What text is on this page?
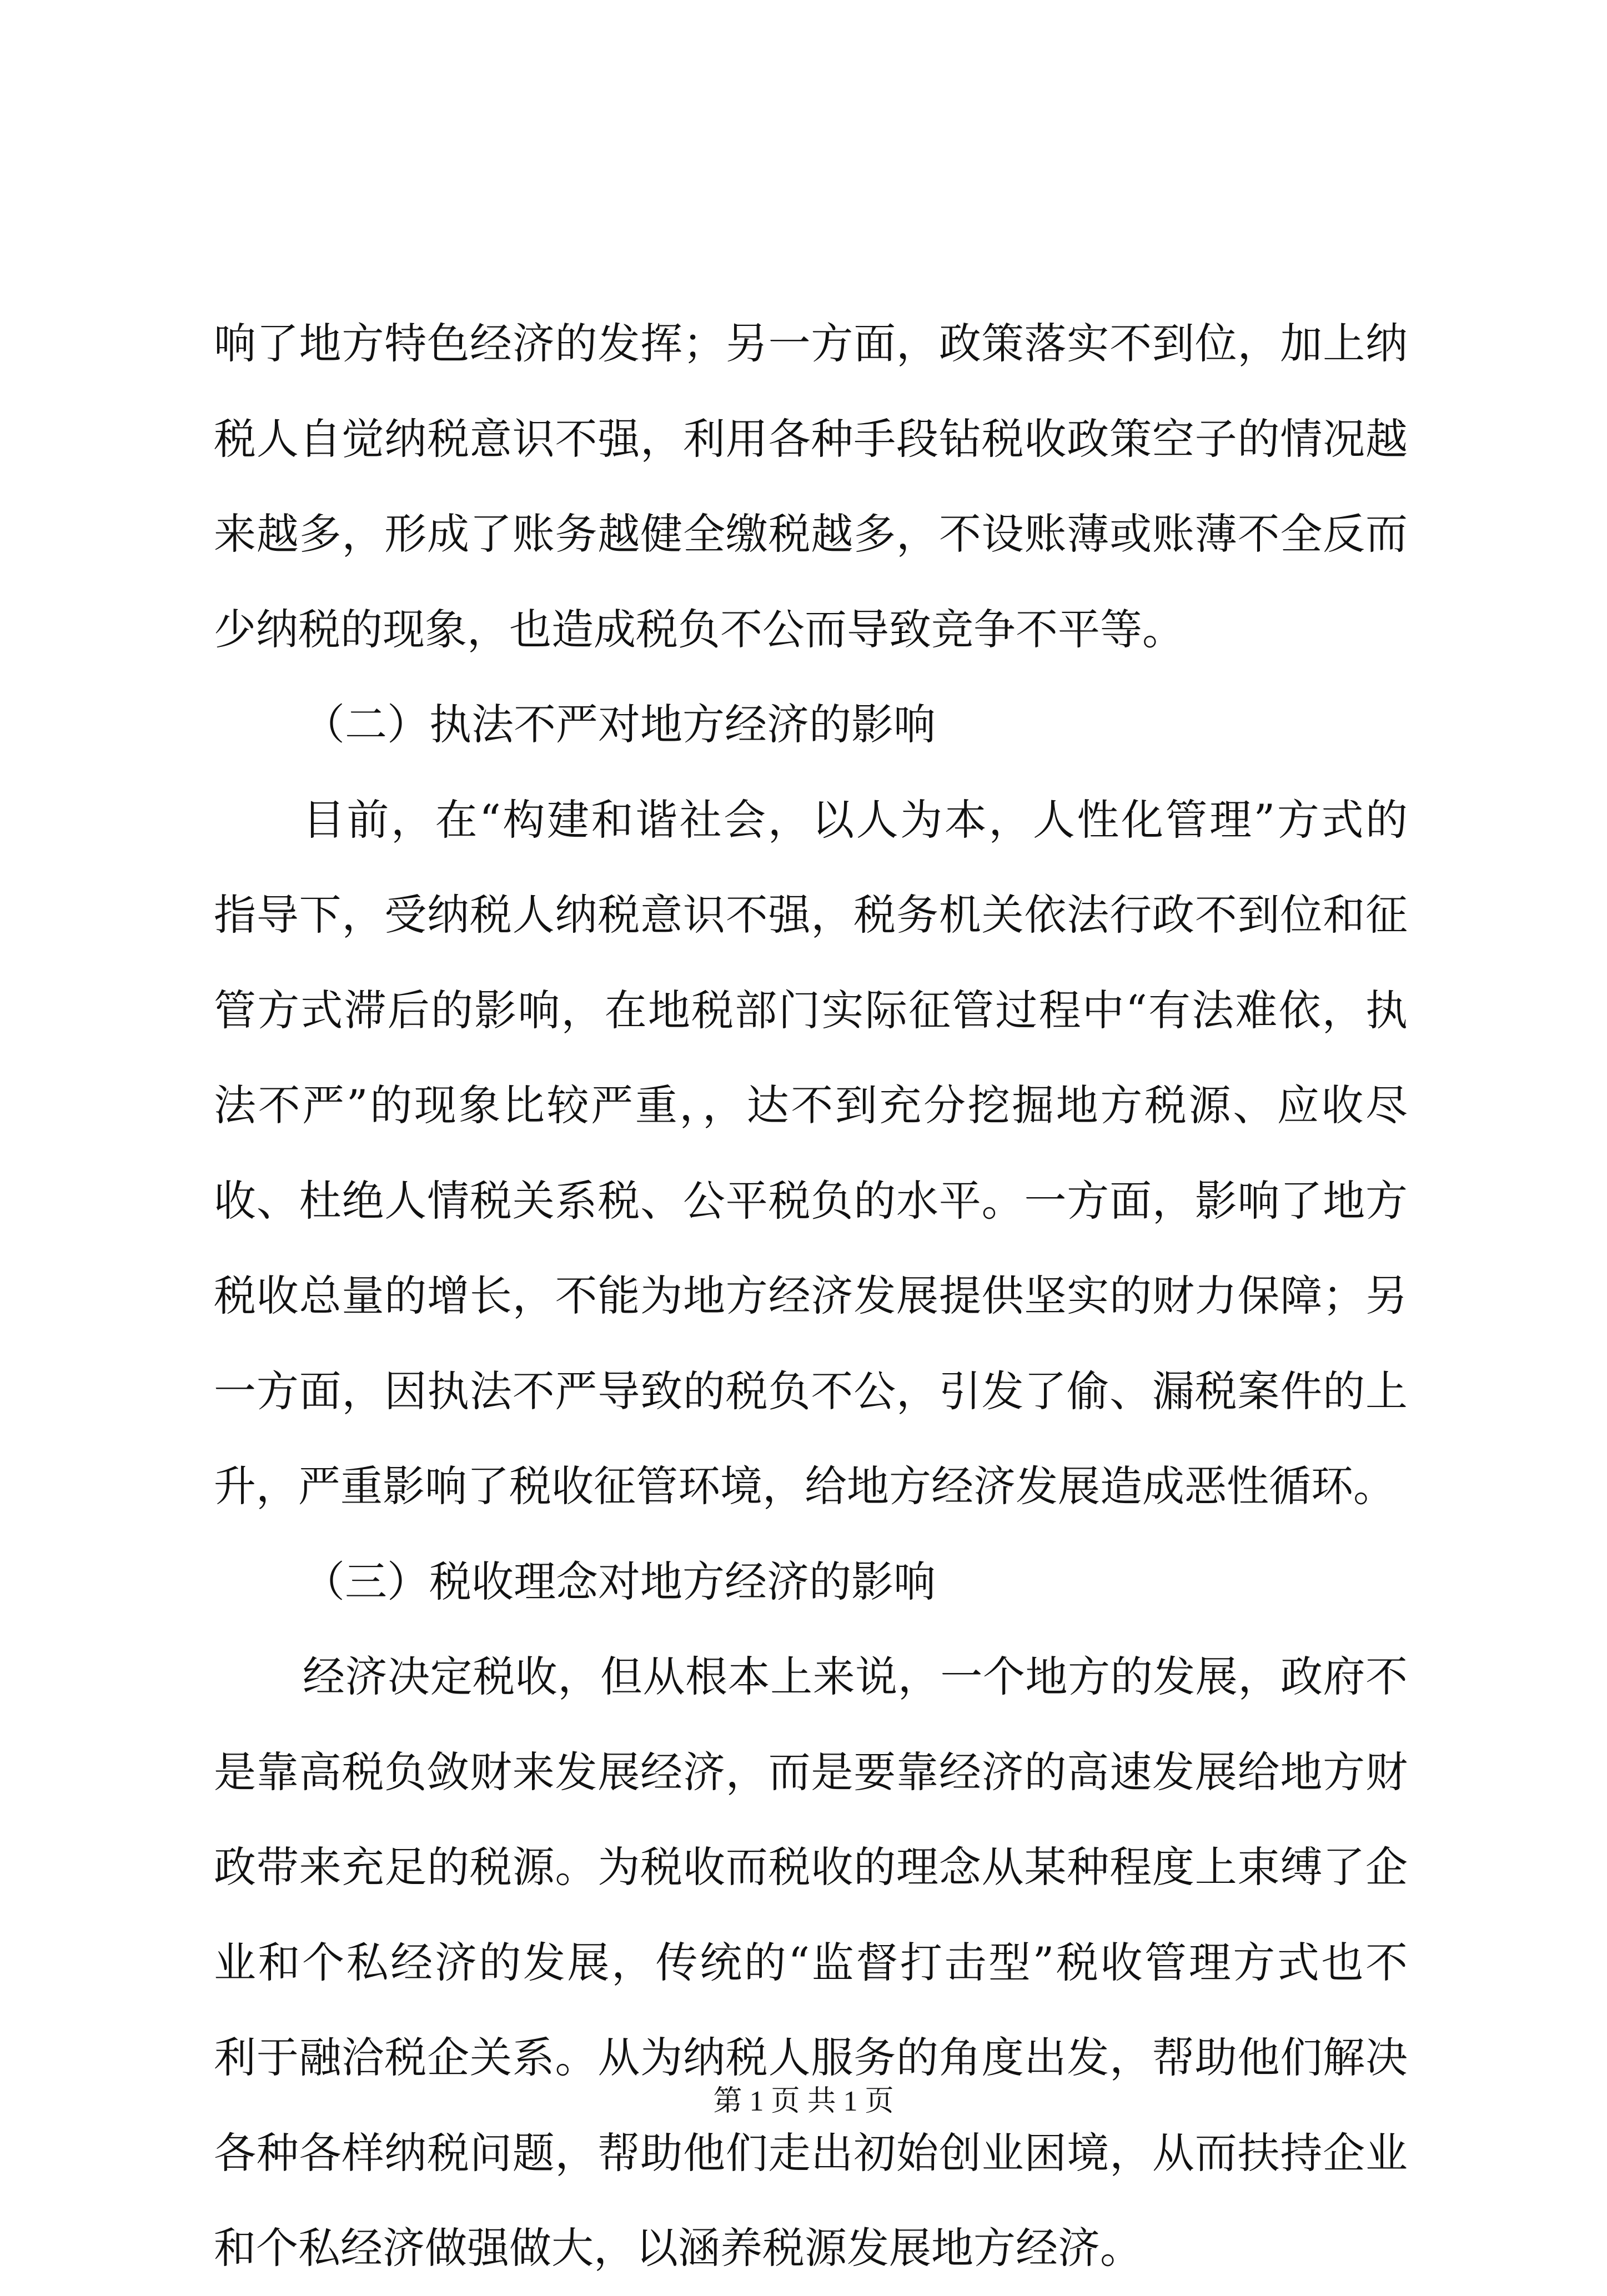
响了地方特色经济的发挥；另一方面，政策落实不到位，加上纳
税人自觉纳税意识不强，利用各种手段钻税收政策空子的情况越
来越多，形成了账务越健全缴税越多，不设账薄或账薄不全反而
少纳税的现象，也造成税负不公而导致竞争不平等。
（二）执法不严对地方经济的影响
目前，在“构建和谐社会，以人为本，人性化管理”方式的
指导下，受纳税人纳税意识不强，税务机关依法行政不到位和征
管方式滞后的影响，在地税部门实际征管过程中“有法难依，执
法不严”的现象比较严重，，达不到充分挖掘地方税源、应收尽
收、杜绝人情税关系税、公平税负的水平。一方面，影响了地方
税收总量的增长，不能为地方经济发展提供坚实的财力保障；另
一方面，因执法不严导致的税负不公，引发了偷、漏税案件的上
升，严重影响了税收征管环境，给地方经济发展造成恶性循环。
（三）税收理念对地方经济的影响
经济决定税收，但从根本上来说，一个地方的发展，政府不
是靠高税负敛财来发展经济，而是要靠经济的高速发展给地方财
政带来充足的税源。为税收而税收的理念从某种程度上束缚了企
业和个私经济的发展，传统的“监督打击型”税收管理方式也不
利于融洽税企关系。从为纳税人服务的角度出发，帮助他们解决
各种各样纳税问题，帮助他们走出初始创业困境，从而扶持企业
和个私经济做强做大，以涵养税源发展地方经济。
第 1 页 共 1 页
